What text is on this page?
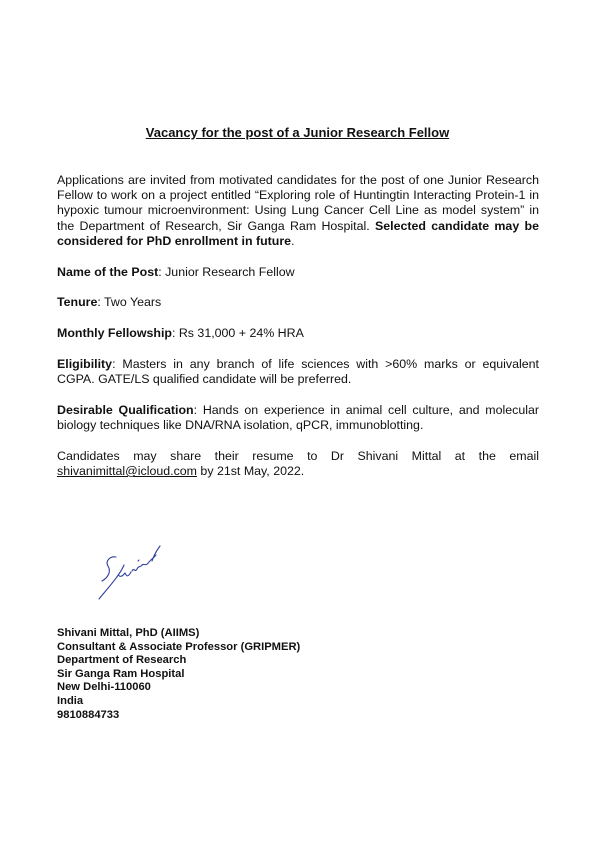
Vacancy for the post of a Junior Research Fellow

Applications are invited from motivated candidates for the post of one Junior Research Fellow to work on a project entitled “Exploring role of Huntingtin Interacting Protein-1 in hypoxic tumour microenvironment: Using Lung Cancer Cell Line as model system” in the Department of Research, Sir Ganga Ram Hospital. Selected candidate may be considered for PhD enrollment in future.

Name of the Post: Junior Research Fellow

Tenure: Two Years

Monthly Fellowship: Rs 31,000 + 24% HRA

Eligibility: Masters in any branch of life sciences with >60% marks or equivalent CGPA. GATE/LS qualified candidate will be preferred.

Desirable Qualification: Hands on experience in animal cell culture, and molecular biology techniques like DNA/RNA isolation, qPCR, immunoblotting.

Candidates may share their resume to Dr Shivani Mittal at the email shivanimittal@icloud.com by 21st May, 2022.

Shivani Mittal, PhD (AIIMS)
Consultant & Associate Professor (GRIPMER)
Department of Research
Sir Ganga Ram Hospital
New Delhi-110060
India
9810884733
